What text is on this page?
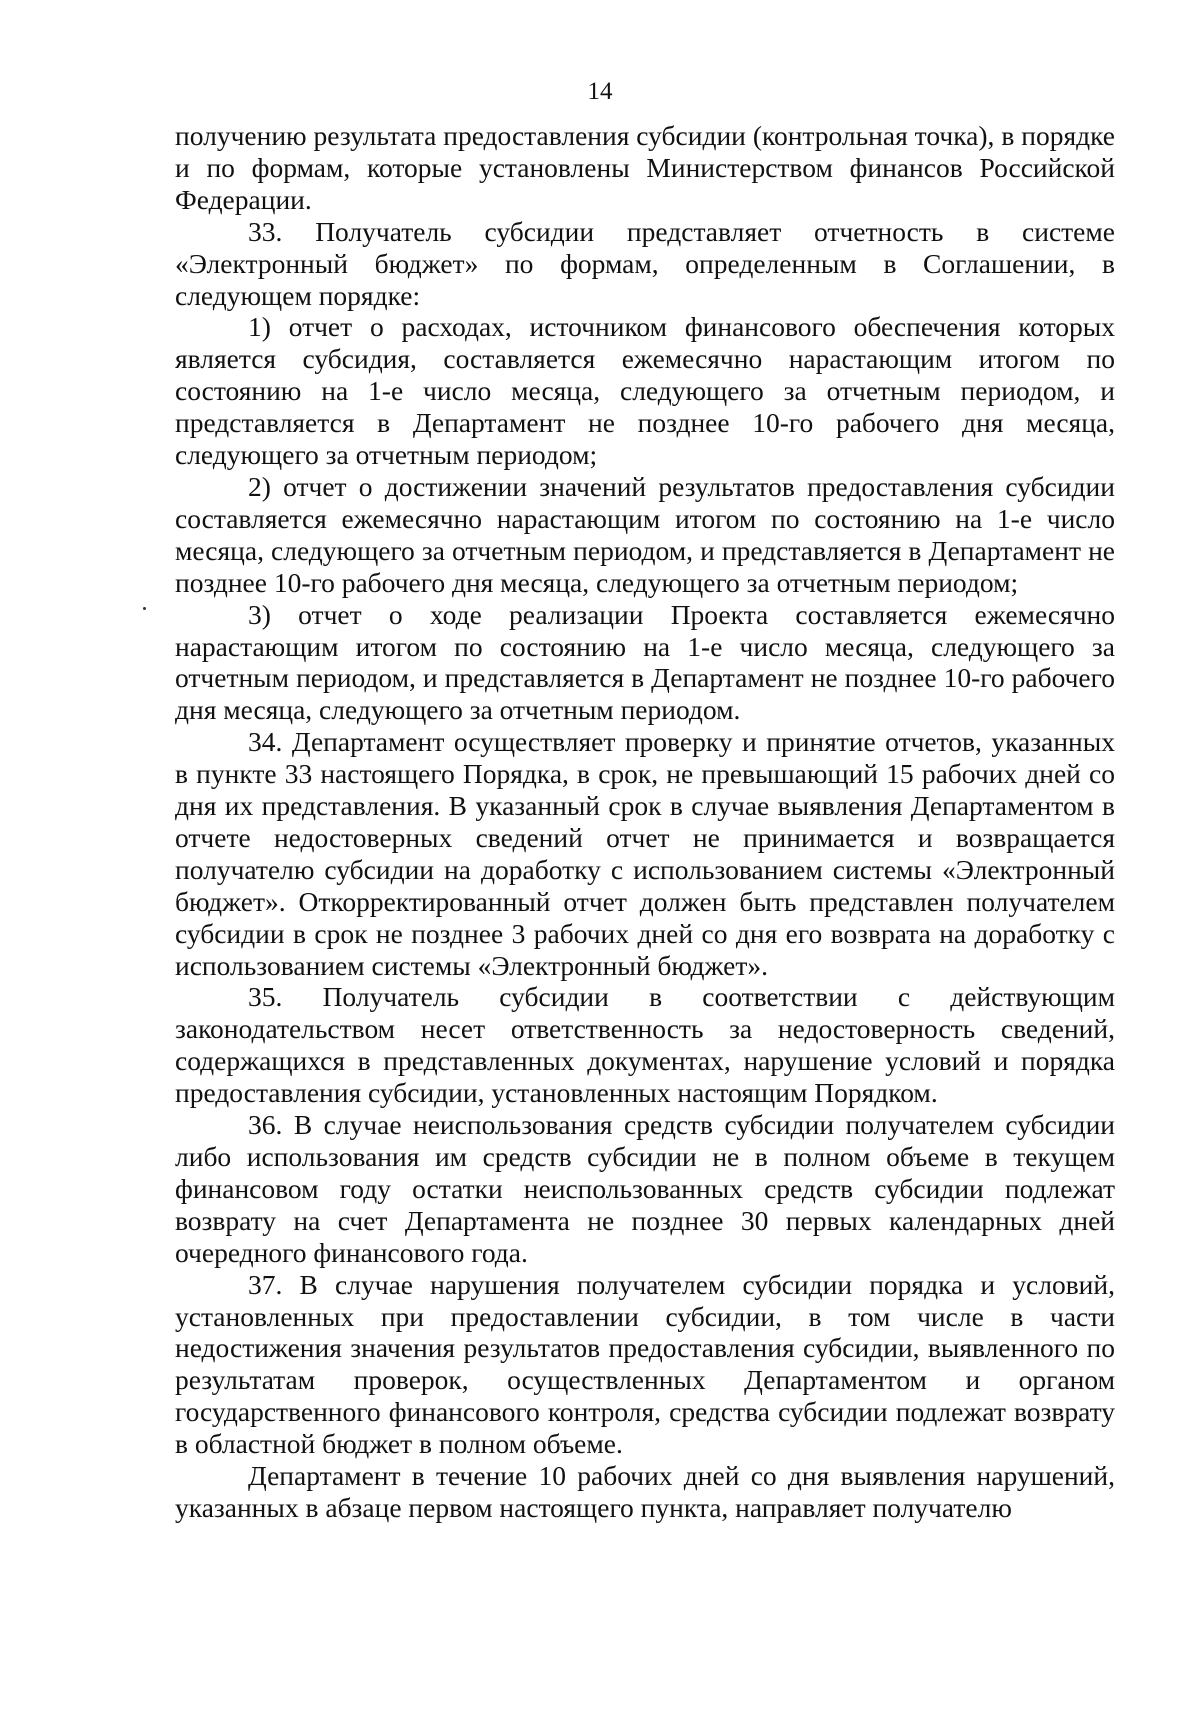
14

получению результата предоставления субсидии (контрольная точка), в порядке и по формам, которые установлены Министерством финансов Российской Федерации.

33. Получатель субсидии представляет отчетность в системе «Электронный бюджет» по формам, определенным в Соглашении, в следующем порядке:

1) отчет о расходах, источником финансового обеспечения которых является субсидия, составляется ежемесячно нарастающим итогом по состоянию на 1-е число месяца, следующего за отчетным периодом, и представляется в Департамент не позднее 10-го рабочего дня месяца, следующего за отчетным периодом;

2) отчет о достижении значений результатов предоставления субсидии составляется ежемесячно нарастающим итогом по состоянию на 1-е число месяца, следующего за отчетным периодом, и представляется в Департамент не позднее 10-го рабочего дня месяца, следующего за отчетным периодом;

3) отчет о ходе реализации Проекта составляется ежемесячно нарастающим итогом по состоянию на 1-е число месяца, следующего за отчетным периодом, и представляется в Департамент не позднее 10-го рабочего дня месяца, следующего за отчетным периодом.

34. Департамент осуществляет проверку и принятие отчетов, указанных в пункте 33 настоящего Порядка, в срок, не превышающий 15 рабочих дней со дня их представления. В указанный срок в случае выявления Департаментом в отчете недостоверных сведений отчет не принимается и возвращается получателю субсидии на доработку с использованием системы «Электронный бюджет». Откорректированный отчет должен быть представлен получателем субсидии в срок не позднее 3 рабочих дней со дня его возврата на доработку с использованием системы «Электронный бюджет».

35. Получатель субсидии в соответствии с действующим законодательством несет ответственность за недостоверность сведений, содержащихся в представленных документах, нарушение условий и порядка предоставления субсидии, установленных настоящим Порядком.

36. В случае неиспользования средств субсидии получателем субсидии либо использования им средств субсидии не в полном объеме в текущем финансовом году остатки неиспользованных средств субсидии подлежат возврату на счет Департамента не позднее 30 первых календарных дней очередного финансового года.

37. В случае нарушения получателем субсидии порядка и условий, установленных при предоставлении субсидии, в том числе в части недостижения значения результатов предоставления субсидии, выявленного по результатам проверок, осуществленных Департаментом и органом государственного финансового контроля, средства субсидии подлежат возврату в областной бюджет в полном объеме.

Департамент в течение 10 рабочих дней со дня выявления нарушений, указанных в абзаце первом настоящего пункта, направляет получателю
